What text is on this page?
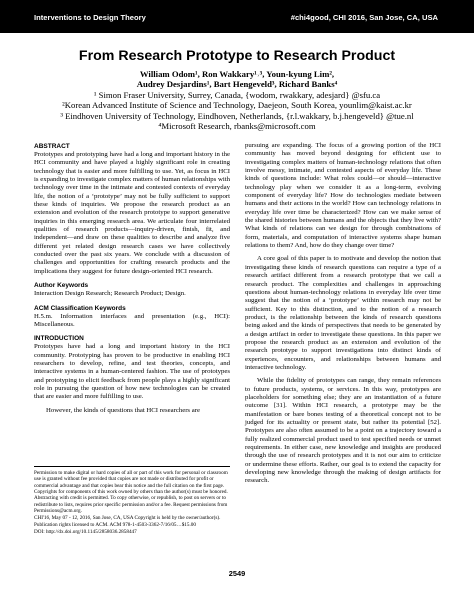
Interventions to Design Theory	#chi4good, CHI 2016, San Jose, CA, USA
From Research Prototype to Research Product
William Odom¹, Ron Wakkary¹˒³, Youn-kyung Lim²,
Audrey Desjardins¹, Bart Hengeveld³, Richard Banks⁴
¹ Simon Fraser University, Surrey, Canada, {wodom, rwakkary, adesjard} @sfu.ca
²Korean Advanced Institute of Science and Technology, Daejeon, South Korea, younlim@kaist.ac.kr
³ Eindhoven University of Technology, Eindhoven, Netherlands, {r.l.wakkary, b.j.hengeveld} @tue.nl
⁴Microsoft Research, rbanks@microsoft.com
ABSTRACT

Prototypes and prototyping have had a long and important history in the HCI community and have played a highly significant role in creating technology that is easier and more fulfilling to use. Yet, as focus in HCI is expanding to investigate complex matters of human relationships with technology over time in the intimate and contested contexts of everyday life, the notion of a ‘prototype’ may not be fully sufficient to support these kinds of inquiries. We propose the research product as an extension and evolution of the research prototype to support generative inquiries in this emerging research area. We articulate four interrelated qualities of research products—inquiry-driven, finish, fit, and independent—and draw on these qualities to describe and analyze five different yet related design research cases we have collectively conducted over the past six years. We conclude with a discussion of challenges and opportunities for crafting research products and the implications they suggest for future design-oriented HCI research.

Author Keywords

Interaction Design Research; Research Product; Design.

ACM Classification Keywords

H.5.m. Information interfaces and presentation (e.g., HCI): Miscellaneous.

INTRODUCTION

Prototypes have had a long and important history in the HCI community. Prototyping has proven to be productive in enabling HCI researchers to develop, refine, and test theories, concepts, and interactive systems in a human-centered fashion. The use of prototypes and prototyping to elicit feedback from people plays a highly significant role in pursuing the question of how new technologies can be created that are easier and more fulfilling to use.

However, the kinds of questions that HCI researchers are

Permission to make digital or hard copies of all or part of this work for personal or classroom use is granted without fee provided that copies are not made or distributed for profit or commercial advantage and that copies bear this notice and the full citation on the first page. Copyrights for components of this work owned by others than the author(s) must be honored. Abstracting with credit is permitted. To copy otherwise, or republish, to post on servers or to redistribute to lists, requires prior specific permission and/or a fee. Request permissions from Permissions@acm.org.
CHI'16, May 07 - 12, 2016, San Jose, CA, USA Copyright is held by the owner/author(s). Publication rights licensed to ACM. ACM 978-1-4503-3362-7/16/05…$15.00
DOI: http://dx.doi.org/10.1145/2858036.2858447

pursuing are expanding. The focus of a growing portion of the HCI community has moved beyond designing for efficient use to investigating complex matters of human-technology relations that often involve messy, intimate, and contested aspects of everyday life. These kinds of questions include: What roles could—or should—interactive technology play when we consider it as a long-term, evolving component of everyday life? How do technologies mediate between humans and their actions in the world? How can technology relations in everyday life over time be characterized? How can we make sense of the shared histories between humans and the objects that they live with? What kinds of relations can we design for through combinations of form, materials, and computation of interactive systems shape human relations to them? And, how do they change over time?

A core goal of this paper is to motivate and develop the notion that investigating these kinds of research questions can require a type of a research artifact different from a research prototype that we call a research product. The complexities and challenges in approaching questions about human-technology relations in everyday life over time suggest that the notion of a ‘prototype’ within research may not be sufficient. Key to this distinction, and to the notion of a research product, is the relationship between the kinds of research questions being asked and the kinds of perspectives that needs to be generated by a design artifact in order to investigate these questions. In this paper we propose the research product as an extension and evolution of the research prototype to support investigations into distinct kinds of experiences, encounters, and relationships between humans and interactive technology.

While the fidelity of prototypes can range, they remain references to future products, systems, or services. In this way, prototypes are placeholders for something else; they are an instantiation of a future outcome [31]. Within HCI research, a prototype may be the manifestation or bare bones testing of a theoretical concept not to be judged for its actuality or present state, but rather its potential [52]. Prototypes are also often assumed to be a point on a trajectory toward a fully realized commercial product used to test specified needs or unmet requirements. In either case, new knowledge and insights are produced through the use of research prototypes and it is not our aim to criticize or undermine these efforts. Rather, our goal is to extend the capacity for developing new knowledge through the making of design artifacts for research.

2549
